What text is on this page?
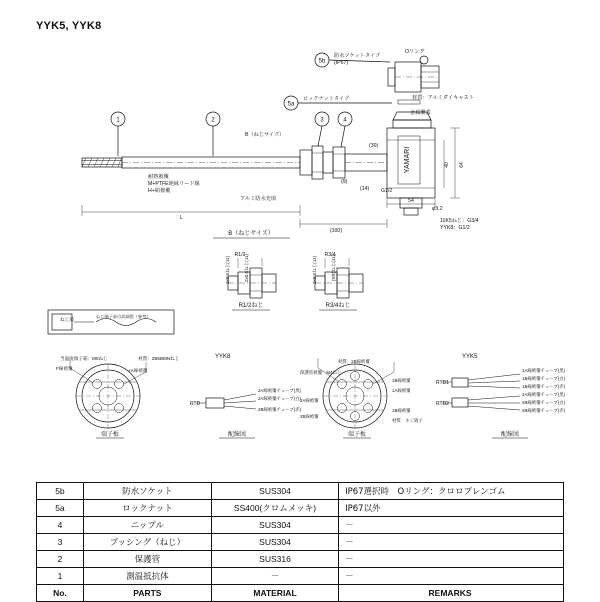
YYK5, YYK8
1	2	3	4
5a
5b
防水ソケットタイプ
(IP67)
ロックナットタイプ
Oリング
B（ねじサイズ）
耐熱被覆
M+PTFE絶縁リード線
H+絹被覆
アルミ防水充填
材質：アルミダイキャスト
金属製蓋
L
(100)
54
(30)
(9)
(14) G1/2
φ3.2
11K5ねじ：G3/4
YYK8：G1/2
B（ねじサイズ）
R1/2	R3/4
R1/2ねじ	R3/4ねじ
ねじ部
ねじ端子部の詳細図（参考）
当温度端子箱：M5ねじ	材質：2B6BMNねじ
F線被覆	+A線被覆
YYK8	YYK5
RTD
RTD1
RTD2
2A線被覆チューブ(黒)
2A線被覆チューブ(白)
2B線被覆チューブ(赤)
1A線被覆チューブ(黒)
1B線被覆チューブ(白)
1B線被覆チューブ(赤)
2A線被覆チューブ(黒)
2B線被覆チューブ(白)
2B線被覆チューブ(赤)
材質：2B線被覆
保護管被覆：M4ねじ
1B線被覆
1A線被覆
2A線被覆
1B線被覆
2B線被覆
材質：ネジ端子
端子板	端子板
配線図	配線図
YAMARI	64
40
2x0.5ねじ(11)	2x0.5ねじ(11)	2x0.5ねじ(11)	(SR)ねじ(11)
5b	防水ソケット	SUS304	IP67選択時　Oリング：クロロプレンゴム
5a	ロックナット	SS400(クロムメッキ)	IP67以外
4	ニップル	SUS304	－
3	ブッシング（ねじ）	SUS304	－
2	保護管	SUS316	－
1	測温抵抗体	－	－
No.	PARTS	MATERIAL	REMARKS
